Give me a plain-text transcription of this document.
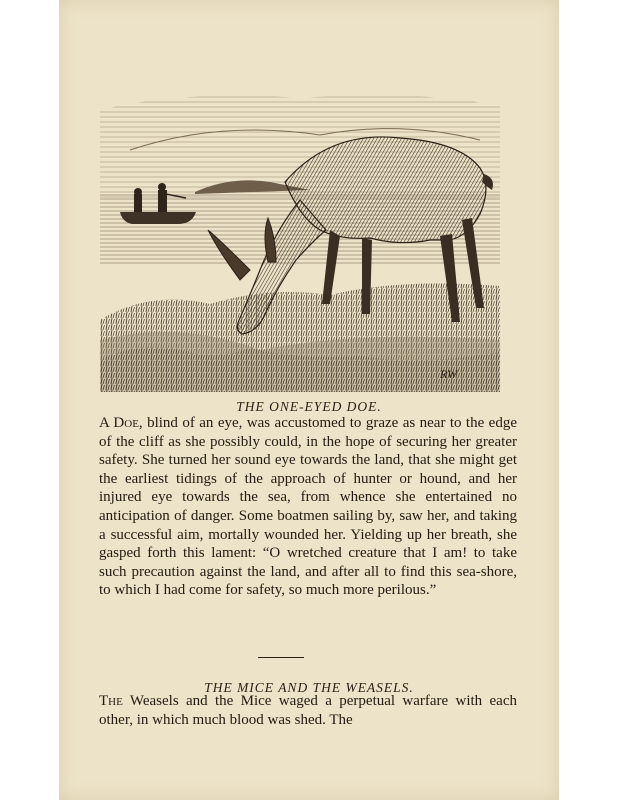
RW
THE ONE-EYED DOE.
A Doe, blind of an eye, was accustomed to graze as near to the edge of the cliff as she possibly could, in the hope of securing her greater safety. She turned her sound eye towards the land, that she might get the earliest tidings of the approach of hunter or hound, and her injured eye towards the sea, from whence she entertained no anticipation of danger. Some boatmen sailing by, saw her, and taking a successful aim, mortally wounded her. Yielding up her breath, she gasped forth this lament: “O wretched creature that I am! to take such precaution against the land, and after all to find this sea-shore, to which I had come for safety, so much more perilous.”
THE MICE AND THE WEASELS.
The Weasels and the Mice waged a perpetual warfare with each other, in which much blood was shed. The
